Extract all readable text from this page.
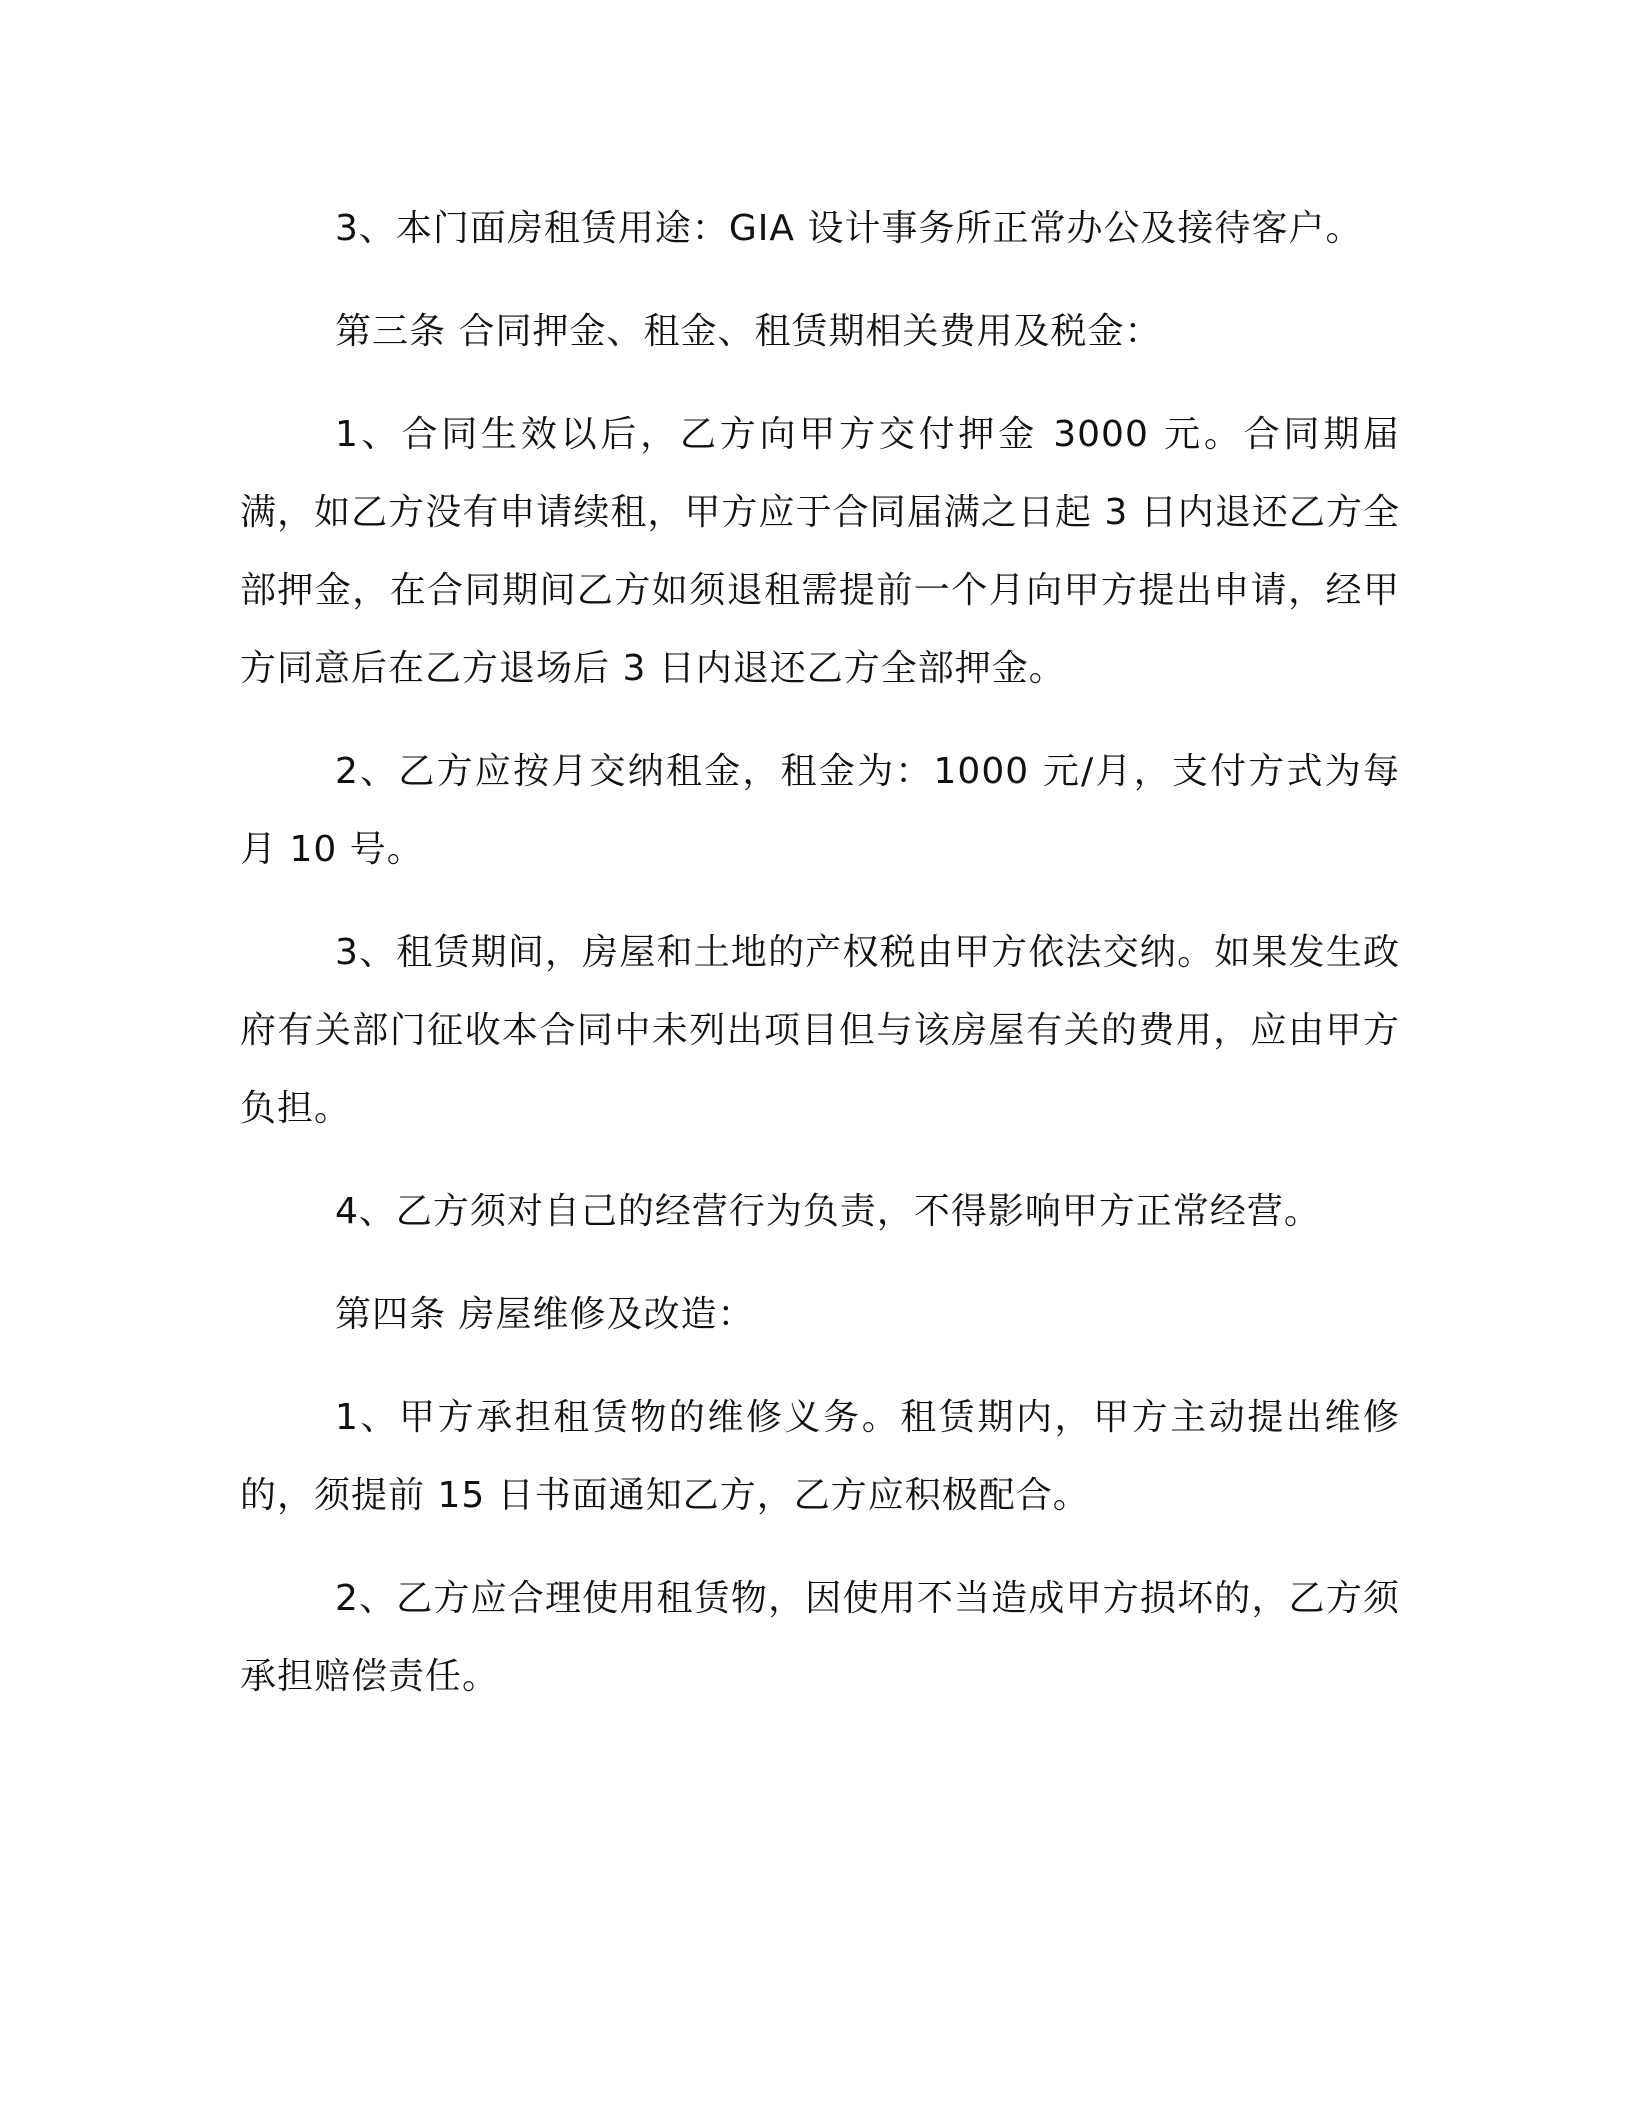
3、本门面房租赁用途：GIA 设计事务所正常办公及接待客户。

第三条 合同押金、租金、租赁期相关费用及税金：

1、合同生效以后，乙方向甲方交付押金 3000 元。合同期届满，如乙方没有申请续租，甲方应于合同届满之日起 3 日内退还乙方全部押金，在合同期间乙方如须退租需提前一个月向甲方提出申请，经甲方同意后在乙方退场后 3 日内退还乙方全部押金。

2、乙方应按月交纳租金，租金为：1000 元/月，支付方式为每月 10 号。

3、租赁期间，房屋和土地的产权税由甲方依法交纳。如果发生政府有关部门征收本合同中未列出项目但与该房屋有关的费用，应由甲方负担。

4、乙方须对自己的经营行为负责，不得影响甲方正常经营。

第四条 房屋维修及改造：

1、甲方承担租赁物的维修义务。租赁期内，甲方主动提出维修的，须提前 15 日书面通知乙方，乙方应积极配合。

2、乙方应合理使用租赁物，因使用不当造成甲方损坏的，乙方须承担赔偿责任。
